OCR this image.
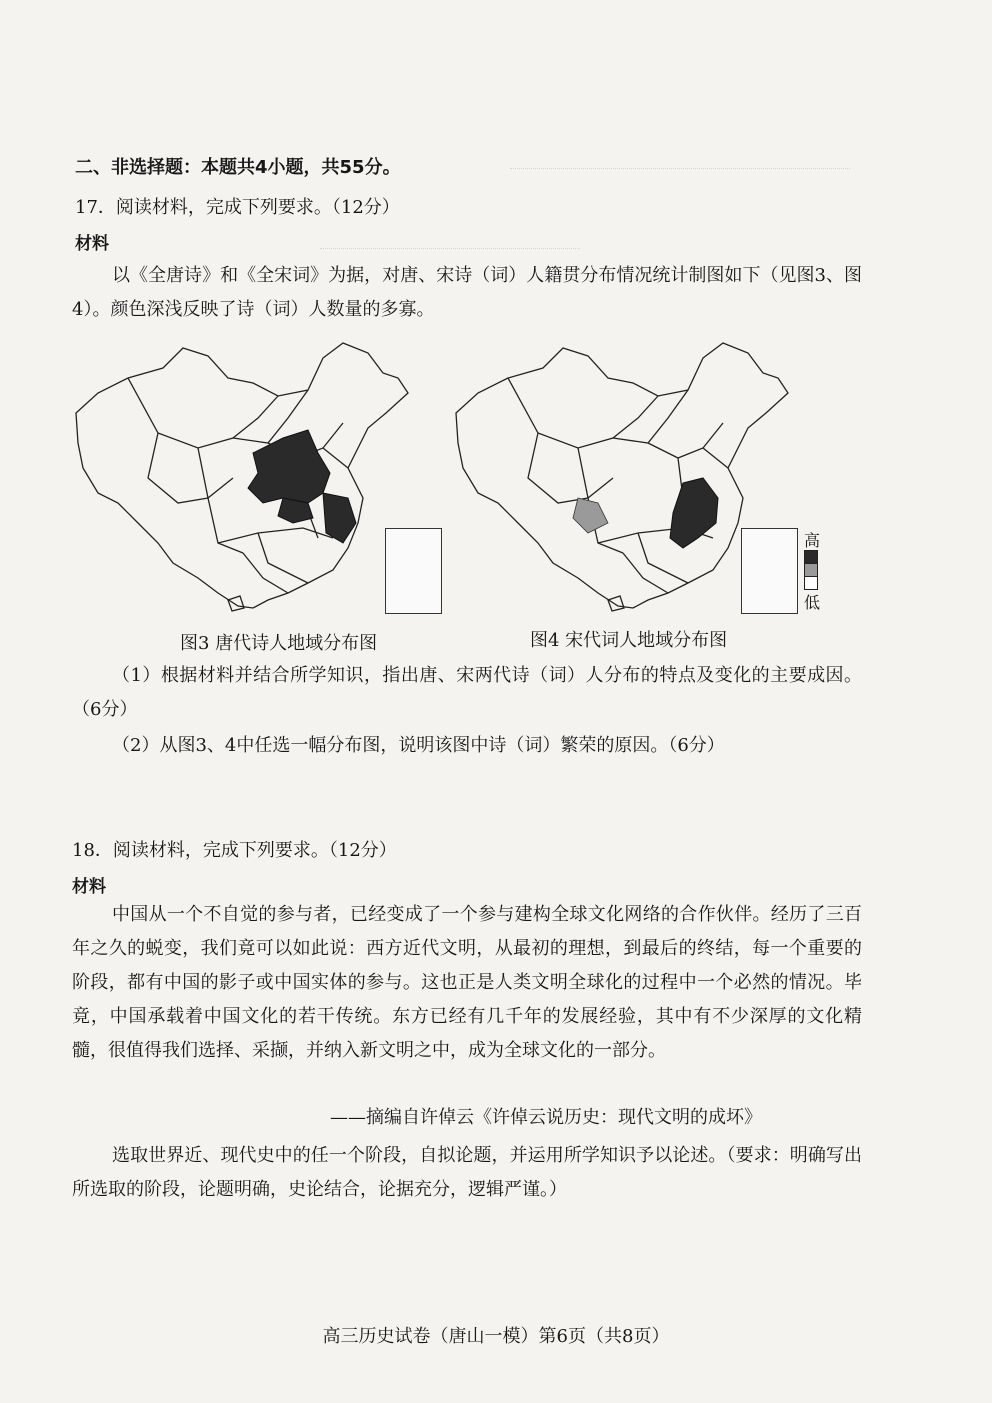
二、非选择题：本题共4小题，共55分。
17．阅读材料，完成下列要求。（12分）
材料
以《全唐诗》和《全宋词》为据，对唐、宋诗（词）人籍贯分布情况统计制图如下（见图3、图4）。颜色深浅反映了诗（词）人数量的多寡。
高
低
图3 唐代诗人地域分布图	图4 宋代词人地域分布图
（1）根据材料并结合所学知识，指出唐、宋两代诗（词）人分布的特点及变化的主要成因。（6分）
（2）从图3、4中任选一幅分布图，说明该图中诗（词）繁荣的原因。（6分）
18．阅读材料，完成下列要求。（12分）
材料
中国从一个不自觉的参与者，已经变成了一个参与建构全球文化网络的合作伙伴。经历了三百年之久的蜕变，我们竟可以如此说：西方近代文明，从最初的理想，到最后的终结，每一个重要的阶段，都有中国的影子或中国实体的参与。这也正是人类文明全球化的过程中一个必然的情况。毕竟，中国承载着中国文化的若干传统。东方已经有几千年的发展经验，其中有不少深厚的文化精髓，很值得我们选择、采撷，并纳入新文明之中，成为全球文化的一部分。
——摘编自许倬云《许倬云说历史：现代文明的成坏》
选取世界近、现代史中的任一个阶段，自拟论题，并运用所学知识予以论述。（要求：明确写出所选取的阶段，论题明确，史论结合，论据充分，逻辑严谨。）
高三历史试卷（唐山一模）第6页（共8页）
